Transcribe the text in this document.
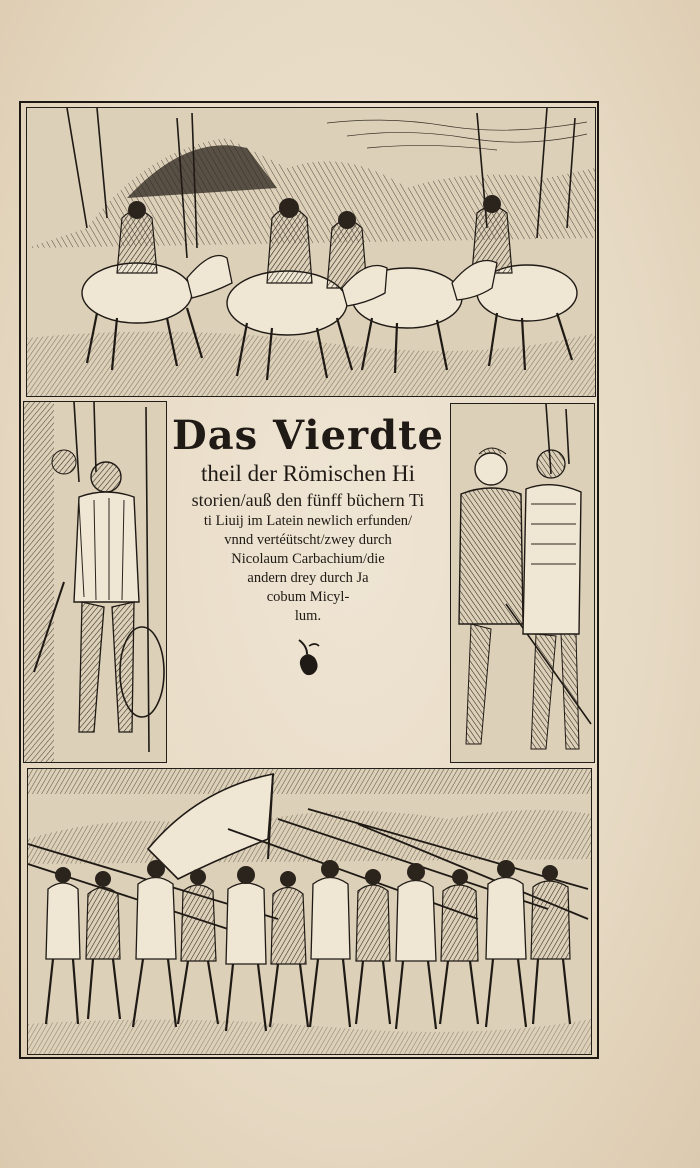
Das Vierdte
theil der Römischen Hi
storien/auß den fünff büchern Ti
ti Liuij im Latein newlich erfunden/
vnnd vertéütscht/zwey durch
Nicolaum Carbachium/die
andern drey durch Ja
cobum Micyl-
lum.
